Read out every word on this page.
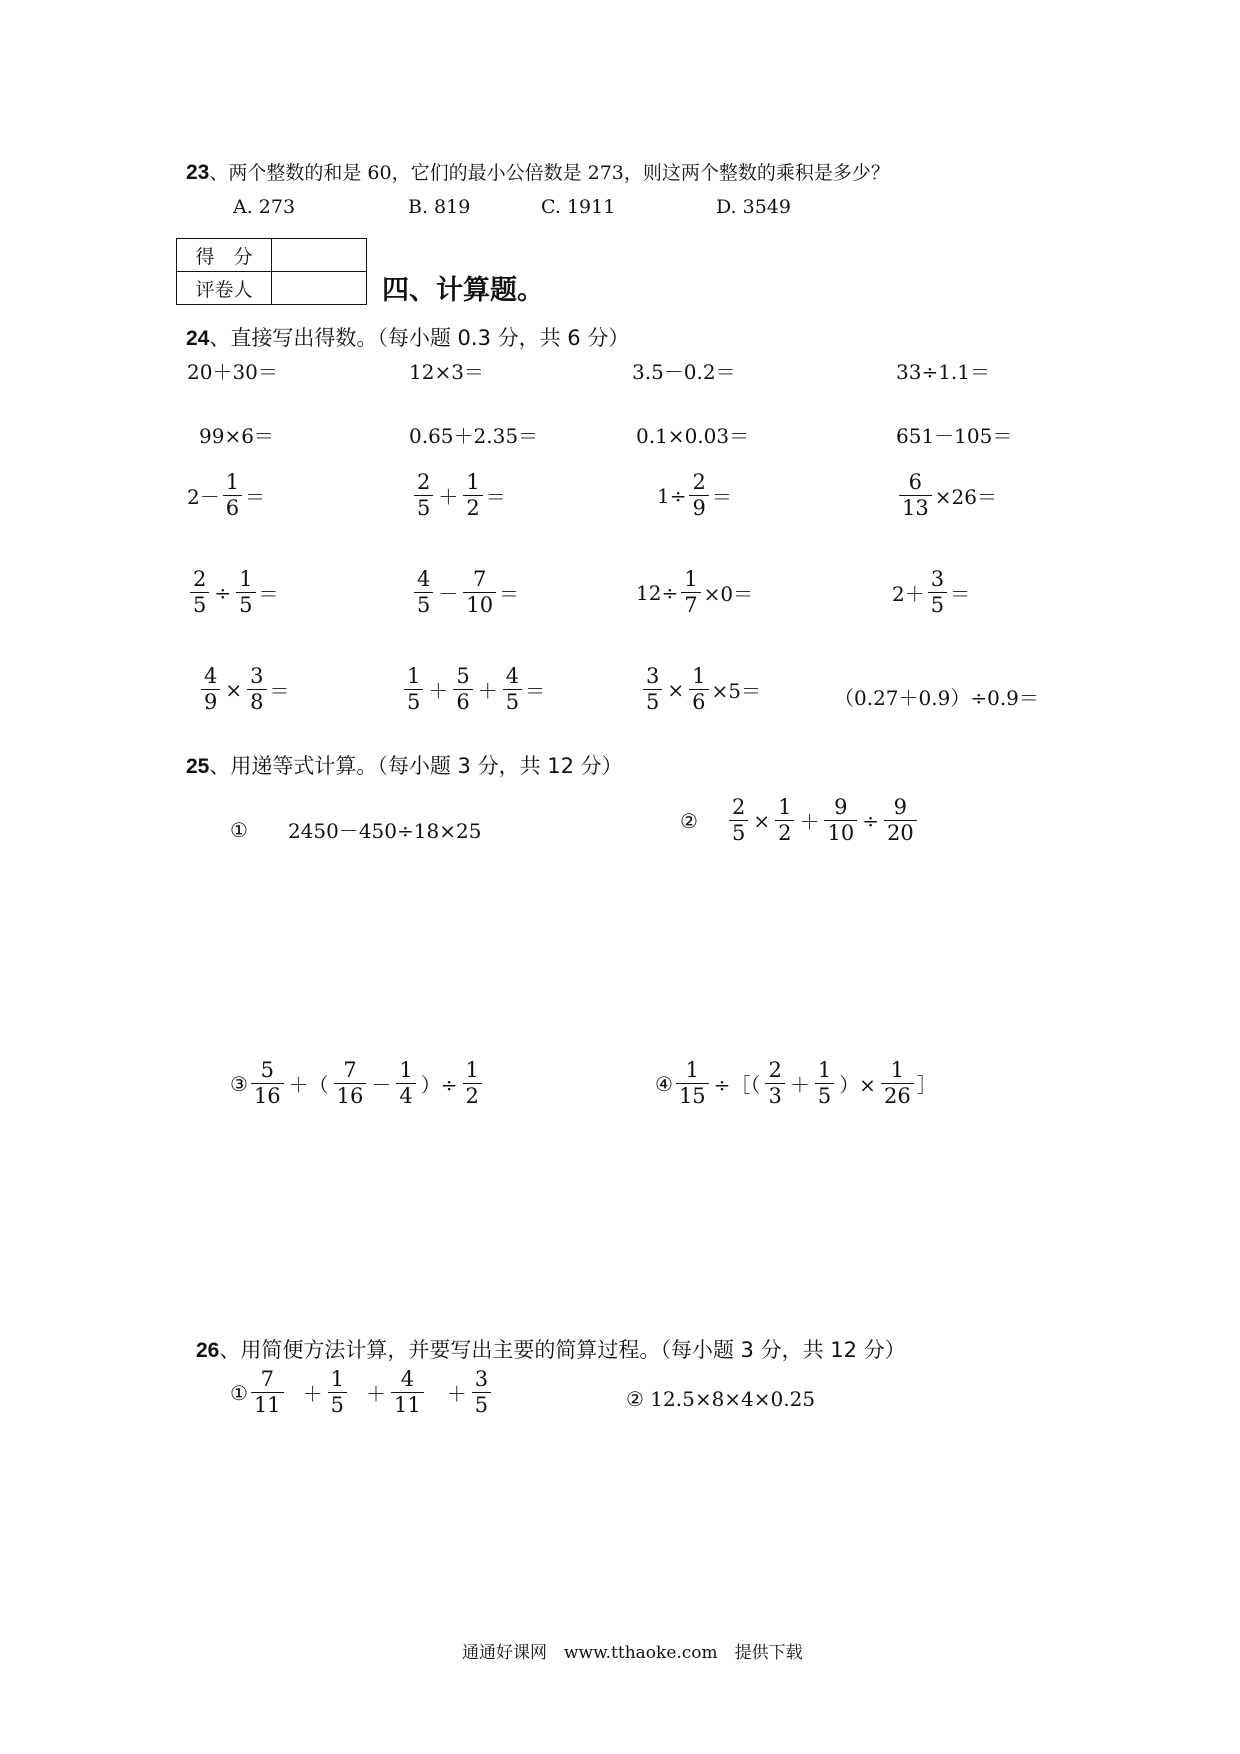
23、两个整数的和是 60，它们的最小公倍数是 273，则这两个整数的乘积是多少？
A. 273	B. 819	C. 1911	D. 3549
得　分	
评卷人		四、计算题。
24、直接写出得数。（每小题 0.3 分，共 6 分）
20＋30＝	12×3＝	3.5－0.2＝	33÷1.1＝
99×6＝	0.65＋2.35＝	0.1×0.03＝	651－105＝
$2- \frac{1}{6}$ ＝	$\frac{2}{5} + \frac{1}{2}$ ＝	$1\div \frac{2}{9}$ ＝	$\frac{6}{13} \times 26=$
$\frac{2}{5} \div \frac{1}{5}$ ＝	$\frac{4}{5} - \frac{7}{10}$ ＝	$12\div \frac{1}{7} \times 0=$	$2+ \frac{3}{5}$ ＝
$\frac{4}{9} \times \frac{3}{8}$ ＝	$\frac{1}{5} + \frac{5}{6} + \frac{4}{5}$ ＝	$\frac{3}{5} \times \frac{1}{6} \times 5=$	（0.27＋0.9）÷0.9＝
25、用递等式计算。（每小题 3 分，共 12 分）
① 2450－450÷18×25	② $\frac{2}{5} \times \frac{1}{2} + \frac{9}{10} \div \frac{9}{20}$
③ $\frac{5}{16}$ ＋（ $\frac{7}{16} - \frac{1}{4}$ ）÷ $\frac{1}{2}$	④ $\frac{1}{15}$ ÷［（ $\frac{2}{3} + \frac{1}{5}$ ）× $\frac{1}{26}$ ］
26、用简便方法计算，并要写出主要的简算过程。（每小题 3 分，共 12 分）
① $\frac{7}{11} + \frac{1}{5} + \frac{4}{11} + \frac{3}{5}$	② 12.5×8×4×0.25
通通好课网　www.tthaoke.com　提供下载
